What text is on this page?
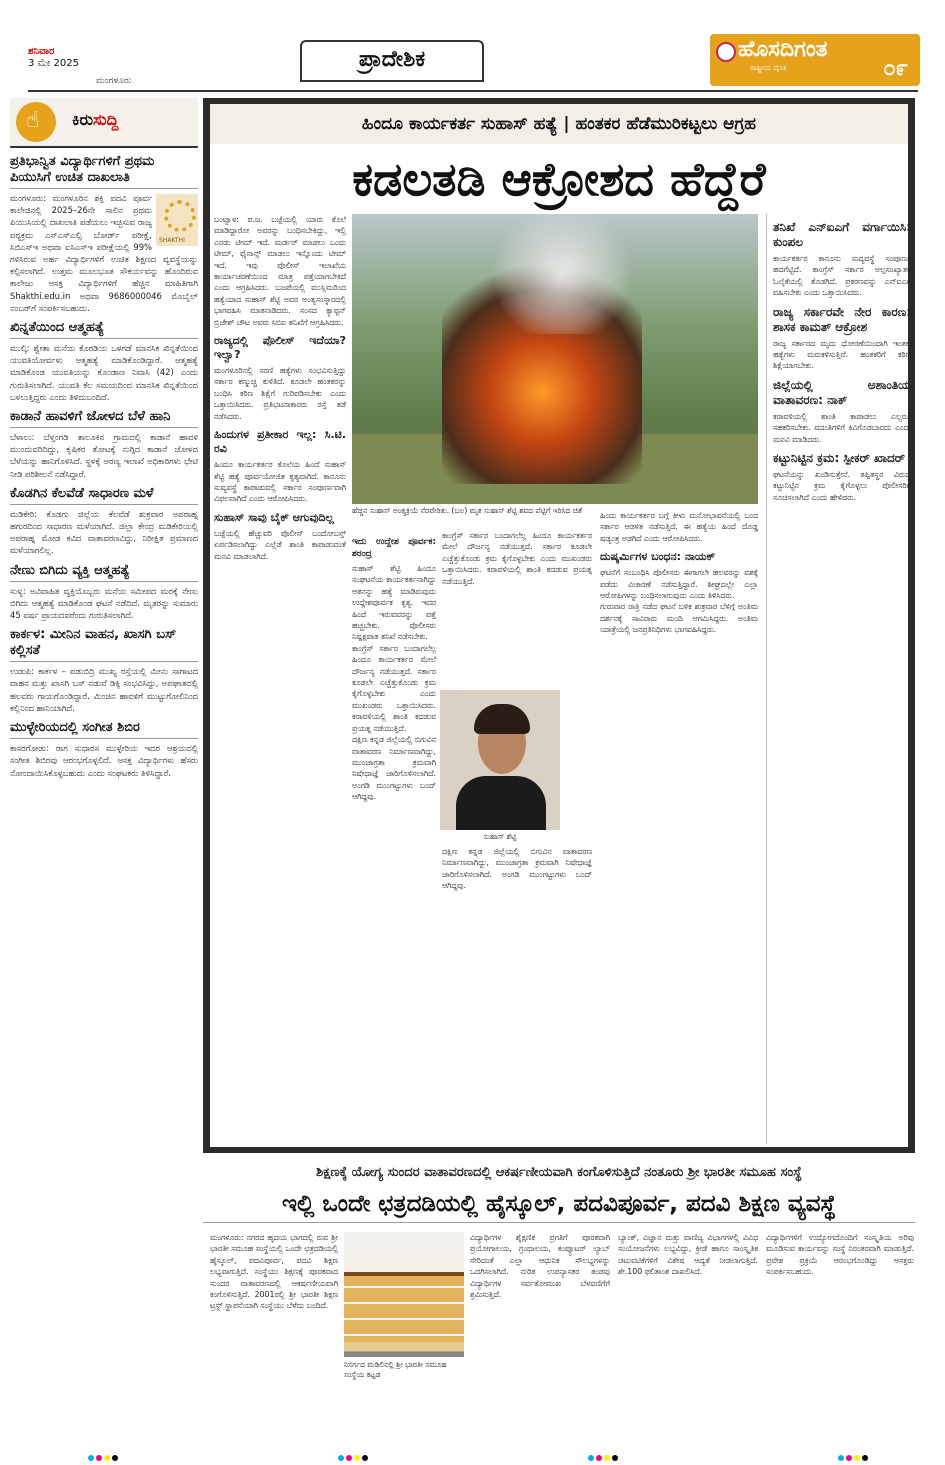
ಶನಿವಾರ
3 ಮೇ 2025
ಮಂಗಳೂರು
ಪ್ರಾದೇಶಿಕ	ಹೊಸದಿಗಂತ
ರಾಷ್ಟ್ರೀಯ ದೈನಿಕ	೦೯
☝
ಕಿರುಸುದ್ದಿ
ಪ್ರತಿಭಾನ್ವಿತ ವಿದ್ಯಾರ್ಥಿಗಳಿಗೆ ಪ್ರಥಮ ಪಿಯುಸಿಗೆ ಉಚಿತ ದಾಖಲಾತಿ
SHAKTHI

ಮಂಗಳೂರು: ಮಂಗಳೂರಿನ ಶಕ್ತಿ ಪದವಿ ಪೂರ್ವ ಕಾಲೇಜಿನಲ್ಲಿ 2025–26ನೇ ಸಾಲಿನ ಪ್ರಥಮ ಪಿಯುಸಿಯಲ್ಲಿ ದಾಖಲಾತಿ ಪಡೆಯಲು ಇಚ್ಛಿಸುವ ರಾಜ್ಯ ಪಠ್ಯಕ್ರಮ ಎಸ್ಎಸ್ಎಲ್ಸಿ ಬೋರ್ಡ್ ಪರೀಕ್ಷೆ, ಸಿಬಿಎಸ್ಇ ಅಥವಾ ಐಸಿಎಸ್ಇ ಪರೀಕ್ಷೆಯಲ್ಲಿ 99% ಗಳಿಸಿರುವ ಅರ್ಹ ವಿದ್ಯಾರ್ಥಿಗಳಿಗೆ ಉಚಿತ ಶಿಕ್ಷಣದ ವ್ಯವಸ್ಥೆಯನ್ನು ಕಲ್ಪಿಸಲಾಗಿದೆ. ಉತ್ತಮ ಮೂಲಭೂತ ಸೌಕರ್ಯವನ್ನು ಹೊಂದಿರುವ ಕಾಲೇಜು ಆಸಕ್ತ ವಿದ್ಯಾರ್ಥಿಗಳಿಗೆ ಹೆಚ್ಚಿನ ಮಾಹಿತಿಗಾಗಿ Shakthi.edu.in ಅಥವಾ 9686000046 ಮೊಬೈಲ್ ನಂಬರ್‌ಗೆ ಸಂಪರ್ಕಿಸಬಹುದು.

ಖಿನ್ನತೆಯಿಂದ ಆತ್ಮಹತ್ಯೆ

ಮುಲ್ಕಿ: ಶ್ವೇತಾ ಮನೆಯ ಕೊಠಡಿಯ ಒಳಗಡೆ ಮಾನಸಿಕ ಖಿನ್ನತೆಯಿಂದ ಯುವತಿಯೋರ್ವಳು ಆತ್ಮಹತ್ಯೆ ಮಾಡಿಕೊಂಡಿದ್ದಾರೆ. ಆತ್ಮಹತ್ಯೆ ಮಾಡಿಕೊಂಡ ಯುವತಿಯನ್ನು ಕೊಂಡಾಣ ನಿವಾಸಿ (42) ಎಂದು ಗುರುತಿಸಲಾಗಿದೆ. ಯುವತಿ ಕೆಲ ಸಮಯದಿಂದ ಮಾನಸಿಕ ಖಿನ್ನತೆಯಿಂದ ಬಳಲುತ್ತಿದ್ದರು ಎಂದು ತಿಳಿದುಬಂದಿದೆ.

ಕಾಡಾನೆ ಹಾವಳಿಗೆ ಜೋಳದ ಬೆಳೆ ಹಾನಿ

ಬೆಳಾಲು: ಬೆಳ್ತಂಗಡಿ ತಾಲೂಕಿನ ಗ್ರಾಮದಲ್ಲಿ ಕಾಡಾನೆ ಹಾವಳಿ ಮುಂದುವರಿದಿದ್ದು, ಕೃಷಿಕರ ತೋಟಕ್ಕೆ ನುಗ್ಗಿದ ಕಾಡಾನೆ ಜೋಳದ ಬೆಳೆಯನ್ನು ಹಾನಿಗೊಳಿಸಿದೆ. ಸ್ಥಳಕ್ಕೆ ಅರಣ್ಯ ಇಲಾಖೆ ಅಧಿಕಾರಿಗಳು ಭೇಟಿ ನೀಡಿ ಪರಿಶೀಲನೆ ನಡೆಸಿದ್ದಾರೆ.

ಕೊಡಗಿನ ಕೆಲವೆಡೆ ಸಾಧಾರಣ ಮಳೆ

ಮಡಿಕೇರಿ: ಕೊಡಗು ಜಿಲ್ಲೆಯ ಕೆಲವೆಡೆ ಶುಕ್ರವಾರ ಅಪರಾಹ್ನ ಹಗುರದಿಂದ ಸಾಧಾರಣ ಮಳೆಯಾಗಿದೆ. ಜಿಲ್ಲಾ ಕೇಂದ್ರ ಮಡಿಕೇರಿಯಲ್ಲಿ ಅಪರಾಹ್ನ ಮೋಡ ಕವಿದ ವಾತಾವರಣವಿದ್ದು, ನಿರೀಕ್ಷಿತ ಪ್ರಮಾಣದ ಮಳೆಯಾಗಲಿಲ್ಲ.

ನೇಣು ಬಿಗಿದು ವ್ಯಕ್ತಿ ಆತ್ಮಹತ್ಯೆ

ಸುಳ್ಯ: ಅವಿವಾಹಿತ ವ್ಯಕ್ತಿಯೊಬ್ಬರು ಮನೆಯ ಸಮೀಪದ ಮರಕ್ಕೆ ನೇಣು ಬಿಗಿದು ಆತ್ಮಹತ್ಯೆ ಮಾಡಿಕೊಂಡ ಘಟನೆ ನಡೆದಿದೆ. ಮೃತರನ್ನು ಸುಮಾರು 45 ವರ್ಷ ಪ್ರಾಯದವರೆಂದು ಗುರುತಿಸಲಾಗಿದೆ.

ಕಾರ್ಕಳ: ಮೀನಿನ ವಾಹನ, ಖಾಸಗಿ ಬಸ್ ಕಲ್ಲಿಸತೆ

ಉಡುಪಿ: ಕಾರ್ಕಳ – ಪಡುಬಿದ್ರಿ ಮುಖ್ಯ ರಸ್ತೆಯಲ್ಲಿ ಮೀನು ಸಾಗಾಟದ ವಾಹನ ಮತ್ತು ಖಾಸಗಿ ಬಸ್ ನಡುವೆ ಡಿಕ್ಕಿ ಸಂಭವಿಸಿದ್ದು, ಅಪಘಾತದಲ್ಲಿ ಹಲವರು ಗಾಯಗೊಂಡಿದ್ದಾರೆ. ಮಿಂಚಿನ ಹಾವಳಿಗೆ ಮುಟ್ಟುಗೋಲಿನಿಂದ ಕಲ್ಲಿನಿಂದ ಹಾನಿಯಾಗಿದೆ.

ಮುಳ್ಳೇರಿಯದಲ್ಲಿ ಸಂಗೀತ ಶಿಬಿರ

ಕಾಸರಗೋಡು: ರಾಗ ಸುಧಾರಸ ಮುಳ್ಳೇರಿಯ ಇದರ ಆಶ್ರಯದಲ್ಲಿ ಸಂಗೀತ ಶಿಬಿರವು ಆರಂಭಗೊಳ್ಳಲಿದೆ. ಆಸಕ್ತ ವಿದ್ಯಾರ್ಥಿಗಳು ಹೆಸರು ನೋಂದಾಯಿಸಿಕೊಳ್ಳಬಹುದು ಎಂದು ಸಂಘಟಕರು ತಿಳಿಸಿದ್ದಾರೆ.

ಹಿಂದೂ ಕಾರ್ಯಕರ್ತ ಸುಹಾಸ್ ಹತ್ಯೆ | ಹಂತಕರ ಹೆಡೆಮುರಿಕಟ್ಟಲು ಆಗ್ರಹ
ಕಡಲತಡಿ ಆಕ್ರೋಶದ ಹೆದ್ದೆರೆ

ಬಂಟ್ವಾಳ: ಪ.ಜ. ಬಜ್ಪೆಯಲ್ಲಿ ಯಾರು ಕೊಲೆ ಮಾಡಿದ್ದಾರೋ ಅವರನ್ನು ಬಂಧಿಸಬೇಕಿದ್ದು, ಇಲ್ಲಿ ಎರಡು ಟೀಮ್ ಇದೆ. ಮರ್ಡರ್ ಮಾಡಲು ಒಂದು ಟೀಮ್, ಫೈನಾನ್ಸ್ ಮಾಡಲು ಇನ್ನೊಂದು ಟೀಮ್ ಇದೆ. ಇವು ಪೊಲೀಸ್ ಇಲಾಖೆಯ ಕಾರ್ಯಾಚರಣೆಯಿಂದ ಮಾತ್ರ ಪತ್ತೆಯಾಗಬೇಕಿದೆ ಎಂದು ಆಗ್ರಹಿಸಿದರು. ಬಜಪೆಯಲ್ಲಿ ಮುಸ್ಲಿಮರಿಂದ ಹತ್ಯೆಯಾದ ಸುಹಾಸ್ ಶೆಟ್ಟಿ ಅವರ ಅಂತ್ಯಸಂಸ್ಕಾರದಲ್ಲಿ ಭಾಗವಹಿಸಿ ಮಾತನಾಡಿದರು. ಸಂಸದ ಕ್ಯಾಪ್ಟನ್ ಬ್ರಿಜೇಶ್ ಚೌಟ ಅವರು ಸಿಬಿಐ ತನಿಖೆಗೆ ಆಗ್ರಹಿಸಿದರು.

ರಾಜ್ಯದಲ್ಲಿ ಪೊಲೀಸ್ ಇದೆಯಾ? ಇಲ್ವಾ?

ಮಂಗಳೂರಿನಲ್ಲಿ ಸರಣಿ ಹತ್ಯೆಗಳು ಸಂಭವಿಸುತ್ತಿದ್ದು ಸರ್ಕಾರ ಕಣ್ಮುಚ್ಚಿ ಕುಳಿತಿದೆ. ಕೂಡಲೇ ಹಂತಕರನ್ನು ಬಂಧಿಸಿ ಕಠಿಣ ಶಿಕ್ಷೆಗೆ ಗುರಿಪಡಿಸಬೇಕು ಎಂದು ಒತ್ತಾಯಿಸಿದರು. ಪ್ರತಿಭಟನಾಕಾರರು ರಸ್ತೆ ತಡೆ ನಡೆಸಿದರು.

ಹಿಂದುಗಳ ಪ್ರತೀಕಾರ ಇಲ್ಲ: ಸಿ.ಟಿ. ರವಿ

ಹಿಂದೂ ಕಾರ್ಯಕರ್ತರ ಕೊಲೆಯ ಹಿಂದೆ ಸುಹಾಸ್ ಶೆಟ್ಟಿ ಹತ್ಯೆ ಪೂರ್ವಯೋಜಿತ ಕೃತ್ಯವಾಗಿದೆ. ಕಾನೂನು ಸುವ್ಯವಸ್ಥೆ ಕಾಪಾಡುವಲ್ಲಿ ಸರ್ಕಾರ ಸಂಪೂರ್ಣವಾಗಿ ವಿಫಲವಾಗಿದೆ ಎಂದು ಆರೋಪಿಸಿದರು.

ಸುಹಾಸ್ ಸಾವು ಬೈಕ್ ಆಗುವುದಿಲ್ಲ

ಬಜ್ಪೆಯಲ್ಲಿ ಹೆಚ್ಚುವರಿ ಪೊಲೀಸ್ ಬಂದೋಬಸ್ತ್ ಏರ್ಪಡಿಸಲಾಗಿದ್ದು ಎಲ್ಲೆಡೆ ಶಾಂತಿ ಕಾಪಾಡುವಂತೆ ಮನವಿ ಮಾಡಲಾಗಿದೆ.

ಹೆಚ್ಚಿನ ಸುಹಾಸ್ ಅಂತ್ಯಕ್ರಿಯೆ ನೆರವೇರಿತು. (ಬಲ) ಮೃತ ಸುಹಾಸ್ ಶೆಟ್ಟಿ ಶವದ ಪೆಟ್ಟಿಗೆ ಇರಿಸಿದ ಚಿತೆ
ಇದು ಉದ್ದೇಶ ಪೂರ್ವಕ: ಶರಂದ್ರ

ಸುಹಾಸ್ ಶೆಟ್ಟಿ ಹಿಂದೂ ಸಂಘಟನೆಯ ಕಾರ್ಯಕರ್ತನಾಗಿದ್ದು ಆತನನ್ನು ಹತ್ಯೆ ಮಾಡಿರುವುದು ಉದ್ದೇಶಪೂರ್ವಕ ಕೃತ್ಯ. ಇದರ ಹಿಂದೆ ಇರುವವರನ್ನು ಪತ್ತೆ ಹಚ್ಚಬೇಕು. ಪೊಲೀಸರು ನಿಷ್ಪಕ್ಷಪಾತ ತನಿಖೆ ನಡೆಸಬೇಕು.

ಕಾಂಗ್ರೆಸ್ ಸರ್ಕಾರ ಬಂದಾಗಲೆಲ್ಲ ಹಿಂದೂ ಕಾರ್ಯಕರ್ತರ ಮೇಲೆ ದೌರ್ಜನ್ಯ ನಡೆಯುತ್ತದೆ. ಸರ್ಕಾರ ಕೂಡಲೇ ಎಚ್ಚೆತ್ತುಕೊಂಡು ಕ್ರಮ ಕೈಗೊಳ್ಳಬೇಕು ಎಂದು ಮುಖಂಡರು ಒತ್ತಾಯಿಸಿದರು. ಕರಾವಳಿಯಲ್ಲಿ ಶಾಂತಿ ಕದಡುವ ಪ್ರಯತ್ನ ನಡೆಯುತ್ತಿದೆ.

ದಕ್ಷಿಣ ಕನ್ನಡ ಜಿಲ್ಲೆಯಲ್ಲಿ ಬಿಗುವಿನ ವಾತಾವರಣ ನಿರ್ಮಾಣವಾಗಿದ್ದು, ಮುಂಜಾಗ್ರತಾ ಕ್ರಮವಾಗಿ ನಿಷೇಧಾಜ್ಞೆ ಜಾರಿಗೊಳಿಸಲಾಗಿದೆ. ಅಂಗಡಿ ಮುಂಗಟ್ಟುಗಳು ಬಂದ್ ಆಗಿದ್ದವು.

ಕಾಂಗ್ರೆಸ್ ಸರ್ಕಾರ ಬಂದಾಗಲೆಲ್ಲ ಹಿಂದೂ ಕಾರ್ಯಕರ್ತರ ಮೇಲೆ ದೌರ್ಜನ್ಯ ನಡೆಯುತ್ತದೆ. ಸರ್ಕಾರ ಕೂಡಲೇ ಎಚ್ಚೆತ್ತುಕೊಂಡು ಕ್ರಮ ಕೈಗೊಳ್ಳಬೇಕು ಎಂದು ಮುಖಂಡರು ಒತ್ತಾಯಿಸಿದರು. ಕರಾವಳಿಯಲ್ಲಿ ಶಾಂತಿ ಕದಡುವ ಪ್ರಯತ್ನ ನಡೆಯುತ್ತಿದೆ.

ದಕ್ಷಿಣ ಕನ್ನಡ ಜಿಲ್ಲೆಯಲ್ಲಿ ಬಿಗುವಿನ ವಾತಾವರಣ ನಿರ್ಮಾಣವಾಗಿದ್ದು, ಮುಂಜಾಗ್ರತಾ ಕ್ರಮವಾಗಿ ನಿಷೇಧಾಜ್ಞೆ ಜಾರಿಗೊಳಿಸಲಾಗಿದೆ. ಅಂಗಡಿ ಮುಂಗಟ್ಟುಗಳು ಬಂದ್ ಆಗಿದ್ದವು.

ಸುಹಾಸ್ ಶೆಟ್ಟಿ

ಹಿಂದು ಕಾರ್ಯಕರ್ತರ ಬಗ್ಗೆ ಕೀಳು ಮನೋಭಾವನೆಯಲ್ಲಿ ಬಂದ ಸರ್ಕಾರ ಆಡಳಿತ ನಡೆಸುತ್ತಿದೆ. ಈ ಹತ್ಯೆಯ ಹಿಂದೆ ದೊಡ್ಡ ಷಡ್ಯಂತ್ರ ಅಡಗಿದೆ ಎಂದು ಆರೋಪಿಸಿದರು.

ದುಷ್ಕರ್ಮಿಗಳ ಬಂಧನ: ನಾಯಕ್

ಘಟನೆಗೆ ಸಂಬಂಧಿಸಿ ಪೊಲೀಸರು ಈಗಾಗಲೇ ಹಲವರನ್ನು ವಶಕ್ಕೆ ಪಡೆದು ವಿಚಾರಣೆ ನಡೆಸುತ್ತಿದ್ದಾರೆ. ಶೀಘ್ರದಲ್ಲೇ ಎಲ್ಲಾ ಆರೋಪಿಗಳನ್ನು ಬಂಧಿಸಲಾಗುವುದು ಎಂದು ತಿಳಿಸಿದರು.

ಗುರುವಾರ ರಾತ್ರಿ ನಡೆದ ಘಟನೆ ಬಳಿಕ ಶುಕ್ರವಾರ ಬೆಳಿಗ್ಗೆ ಅಂತಿಮ ದರ್ಶನಕ್ಕೆ ಸಾವಿರಾರು ಮಂದಿ ಆಗಮಿಸಿದ್ದರು. ಅಂತಿಮ ಯಾತ್ರೆಯಲ್ಲಿ ಜನಪ್ರತಿನಿಧಿಗಳು ಭಾಗವಹಿಸಿದ್ದರು.

ತನಿಖೆ ಎನ್ಐಎಗೆ ವರ್ಗಾಯಿಸಿ: ಕುಂಪಲ

ಕಾರ್ಯಕರ್ತರ ಕಾನೂನು ಸುವ್ಯವಸ್ಥೆ ಸಂಪೂರ್ಣ ಹದಗೆಟ್ಟಿದೆ. ಕಾಂಗ್ರೆಸ್ ಸರ್ಕಾರ ಅಲ್ಪಸಂಖ್ಯಾತರ ಓಲೈಕೆಯಲ್ಲಿ ತೊಡಗಿದೆ. ಪ್ರಕರಣವನ್ನು ಎನ್ಐಎಗೆ ವಹಿಸಬೇಕು ಎಂದು ಒತ್ತಾಯಿಸಿದರು.

ರಾಜ್ಯ ಸರ್ಕಾರವೇ ನೇರ ಕಾರಣ: ಶಾಸಕ ಕಾಮತ್ ಆಕ್ರೋಶ

ರಾಜ್ಯ ಸರ್ಕಾರದ ಮೃದು ಧೋರಣೆಯಿಂದಾಗಿ ಇಂತಹ ಹತ್ಯೆಗಳು ಮರುಕಳಿಸುತ್ತಿವೆ. ಹಂತಕರಿಗೆ ಕಠಿಣ ಶಿಕ್ಷೆಯಾಗಬೇಕು.

ಜಿಲ್ಲೆಯಲ್ಲಿ ಅಶಾಂತಿಯ ವಾತಾವರಣ: ನಾಕ್

ಕರಾವಳಿಯಲ್ಲಿ ಶಾಂತಿ ಕಾಪಾಡಲು ಎಲ್ಲರೂ ಸಹಕರಿಸಬೇಕು. ವದಂತಿಗಳಿಗೆ ಕಿವಿಗೊಡಬಾರದು ಎಂದು ಮನವಿ ಮಾಡಿದರು.

ಕಟ್ಟುನಿಟ್ಟಿನ ಕ್ರಮ: ಸ್ಪೀಕರ್ ಖಾದರ್

ಘಟನೆಯನ್ನು ಖಂಡಿಸುತ್ತೇನೆ. ತಪ್ಪಿತಸ್ಥರ ವಿರುದ್ಧ ಕಟ್ಟುನಿಟ್ಟಿನ ಕ್ರಮ ಕೈಗೊಳ್ಳಲು ಪೊಲೀಸರಿಗೆ ಸೂಚಿಸಲಾಗಿದೆ ಎಂದು ಹೇಳಿದರು.

ಶಿಕ್ಷಣಕ್ಕೆ ಯೋಗ್ಯ ಸುಂದರ ವಾತಾವರಣದಲ್ಲಿ ಆಕರ್ಷಣೀಯವಾಗಿ ಕಂಗೊಳಿಸುತ್ತಿದೆ ನಂತೂರು ಶ್ರೀ ಭಾರತೀ ಸಮೂಹ ಸಂಸ್ಥೆ
ಇಲ್ಲಿ ಒಂದೇ ಛತ್ರದಡಿಯಲ್ಲಿ ಹೈಸ್ಕೂಲ್, ಪದವಿಪೂರ್ವ, ಪದವಿ ಶಿಕ್ಷಣ ವ್ಯವಸ್ಥೆ

ಮಂಗಳೂರು: ನಗರದ ಹೃದಯ ಭಾಗದಲ್ಲಿ ರುವ ಶ್ರೀ ಭಾರತೀ ಸಮೂಹ ಸಂಸ್ಥೆಯಲ್ಲಿ ಒಂದೇ ಛತ್ರದಡಿಯಲ್ಲಿ ಹೈಸ್ಕೂಲ್, ಪದವಿಪೂರ್ವ, ಪದವಿ ಶಿಕ್ಷಣ ಲಭ್ಯವಾಗುತ್ತಿದೆ. ಸಂಸ್ಥೆಯು ಶಿಕ್ಷಣಕ್ಕೆ ಪೂರಕವಾದ ಸುಂದರ ವಾತಾವರಣದಲ್ಲಿ ಆಕರ್ಷಣೀಯವಾಗಿ ಕಂಗೊಳಿಸುತ್ತಿದೆ. 2001ರಲ್ಲಿ ಶ್ರೀ ಭಾರತೀ ಶಿಕ್ಷಣ ಟ್ರಸ್ಟ್ ಸ್ಥಾಪನೆಯಾಗಿ ಸಂಸ್ಥೆಯು ಬೆಳೆದು ಬಂದಿದೆ.

ನಿಸರ್ಗದ ಮಡಿಲಿನಲ್ಲಿ ಶ್ರೀ ಭಾರತೀ ಸಮೂಹ ಸಂಸ್ಥೆಯ ಕಟ್ಟಡ

ವಿದ್ಯಾರ್ಥಿಗಳ ಶೈಕ್ಷಣಿಕ ಪ್ರಗತಿಗೆ ಪೂರಕವಾಗಿ ಪ್ರಯೋಗಾಲಯ, ಗ್ರಂಥಾಲಯ, ಕಂಪ್ಯೂಟರ್ ಲ್ಯಾಬ್ ಸೇರಿದಂತೆ ಎಲ್ಲಾ ಆಧುನಿಕ ಸೌಲಭ್ಯಗಳನ್ನು ಒದಗಿಸಲಾಗಿದೆ. ನುರಿತ ಉಪನ್ಯಾಸಕರ ತಂಡವು ವಿದ್ಯಾರ್ಥಿಗಳ ಸರ್ವತೋಮುಖ ಬೆಳವಣಿಗೆಗೆ ಶ್ರಮಿಸುತ್ತಿದೆ.

ಬ್ಯಾಂಕ್, ವಿಜ್ಞಾನ ಮತ್ತು ವಾಣಿಜ್ಯ ವಿಭಾಗಗಳಲ್ಲಿ ವಿವಿಧ ಸಂಯೋಜನೆಗಳು ಲಭ್ಯವಿದ್ದು, ಕ್ರೀಡೆ ಹಾಗೂ ಸಾಂಸ್ಕೃತಿಕ ಚಟುವಟಿಕೆಗಳಿಗೆ ವಿಶೇಷ ಆದ್ಯತೆ ನೀಡಲಾಗುತ್ತಿದೆ. ಶೇ.100 ಫಲಿತಾಂಶ ದಾಖಲಿಸಿದೆ.

ವಿದ್ಯಾರ್ಥಿಗಳಿಗೆ ಉದ್ಯೋಗದೊಂದಿಗೆ ಸಂಸ್ಕೃತಿಯ ಅರಿವು ಮೂಡಿಸುವ ಕಾರ್ಯವನ್ನು ಸಂಸ್ಥೆ ನಿರಂತರವಾಗಿ ಮಾಡುತ್ತಿದೆ. ಪ್ರವೇಶ ಪ್ರಕ್ರಿಯೆ ಆರಂಭಗೊಂಡಿದ್ದು ಆಸಕ್ತರು ಸಂಪರ್ಕಿಸಬಹುದು.
